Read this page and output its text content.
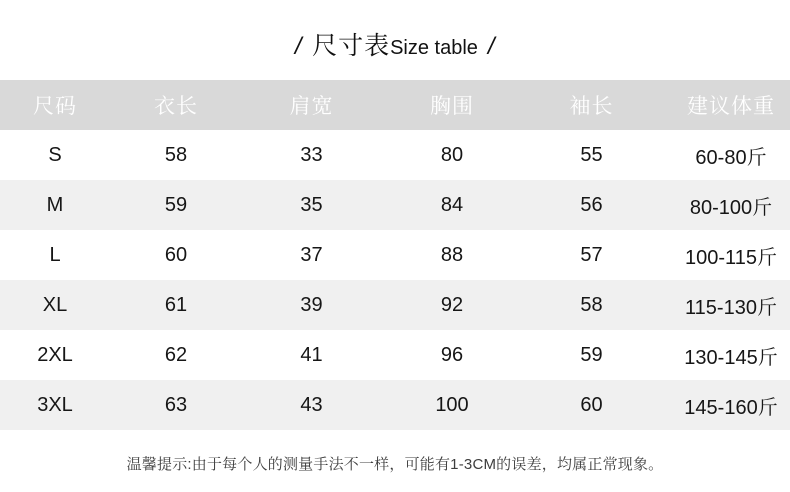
/ 尺寸表Size table /
尺码	衣长	肩宽	胸围	袖长	建议体重
S	58	33	80	55	60-80斤
M	59	35	84	56	80-100斤
L	60	37	88	57	100-115斤
XL	61	39	92	58	115-130斤
2XL	62	41	96	59	130-145斤
3XL	63	43	100	60	145-160斤
温馨提示:由于每个人的测量手法不一样，可能有1-3CM的误差，均属正常现象。
